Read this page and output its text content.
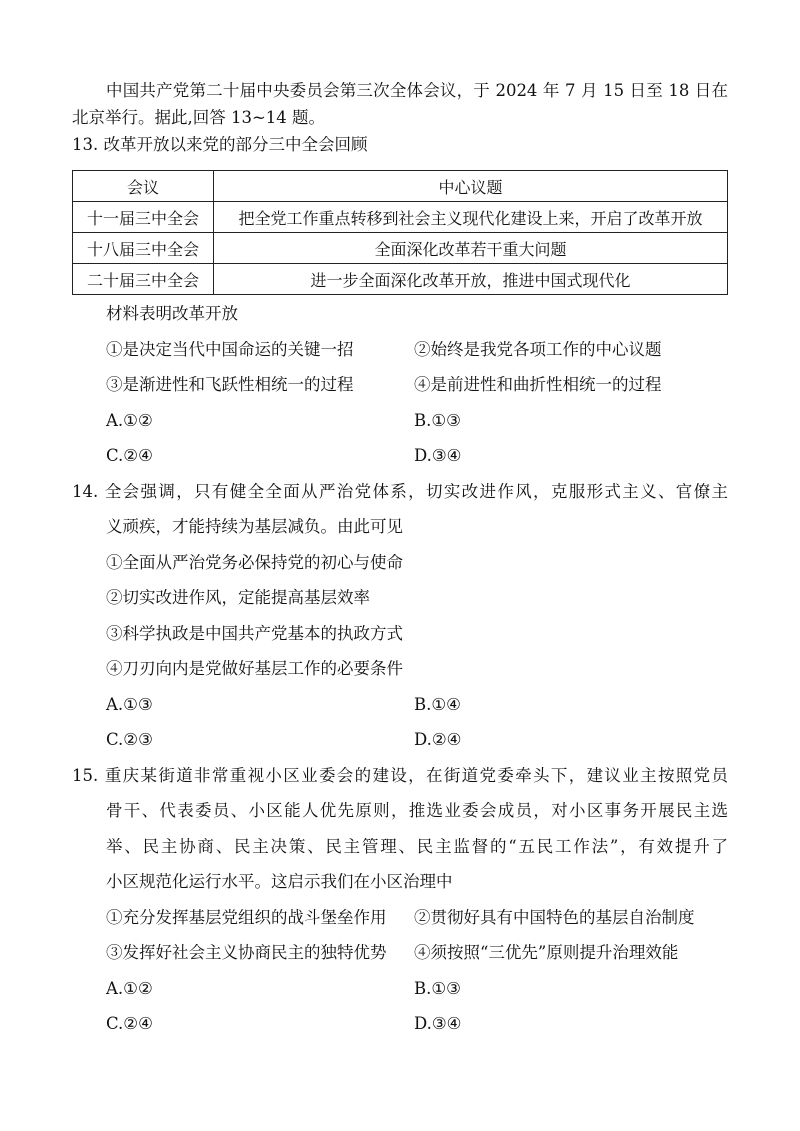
中国共产党第二十届中央委员会第三次全体会议，于 2024 年 7 月 15 日至 18 日在
北京举行。据此,回答 13~14 题。
13. 改革开放以来党的部分三中全会回顾
会议	中心议题
十一届三中全会	把全党工作重点转移到社会主义现代化建设上来，开启了改革开放
十八届三中全会	全面深化改革若干重大问题
二十届三中全会	进一步全面深化改革开放，推进中国式现代化
材料表明改革开放
①是决定当代中国命运的关键一招	②始终是我党各项工作的中心议题
③是渐进性和飞跃性相统一的过程	④是前进性和曲折性相统一的过程
A.①②	B.①③
C.②④	D.③④
14. 全会强调，只有健全全面从严治党体系，切实改进作风，克服形式主义、官僚主
义顽疾，才能持续为基层减负。由此可见
①全面从严治党务必保持党的初心与使命
②切实改进作风，定能提高基层效率
③科学执政是中国共产党基本的执政方式
④刀刃向内是党做好基层工作的必要条件
A.①③	B.①④
C.②③	D.②④
15. 重庆某街道非常重视小区业委会的建设，在街道党委牵头下，建议业主按照党员
骨干、代表委员、小区能人优先原则，推选业委会成员，对小区事务开展民主选
举、民主协商、民主决策、民主管理、民主监督的“五民工作法”，有效提升了
小区规范化运行水平。这启示我们在小区治理中
①充分发挥基层党组织的战斗堡垒作用 ②贯彻好具有中国特色的基层自治制度
③发挥好社会主义协商民主的独特优势 ④须按照“三优先”原则提升治理效能
A.①②	B.①③
C.②④	D.③④
